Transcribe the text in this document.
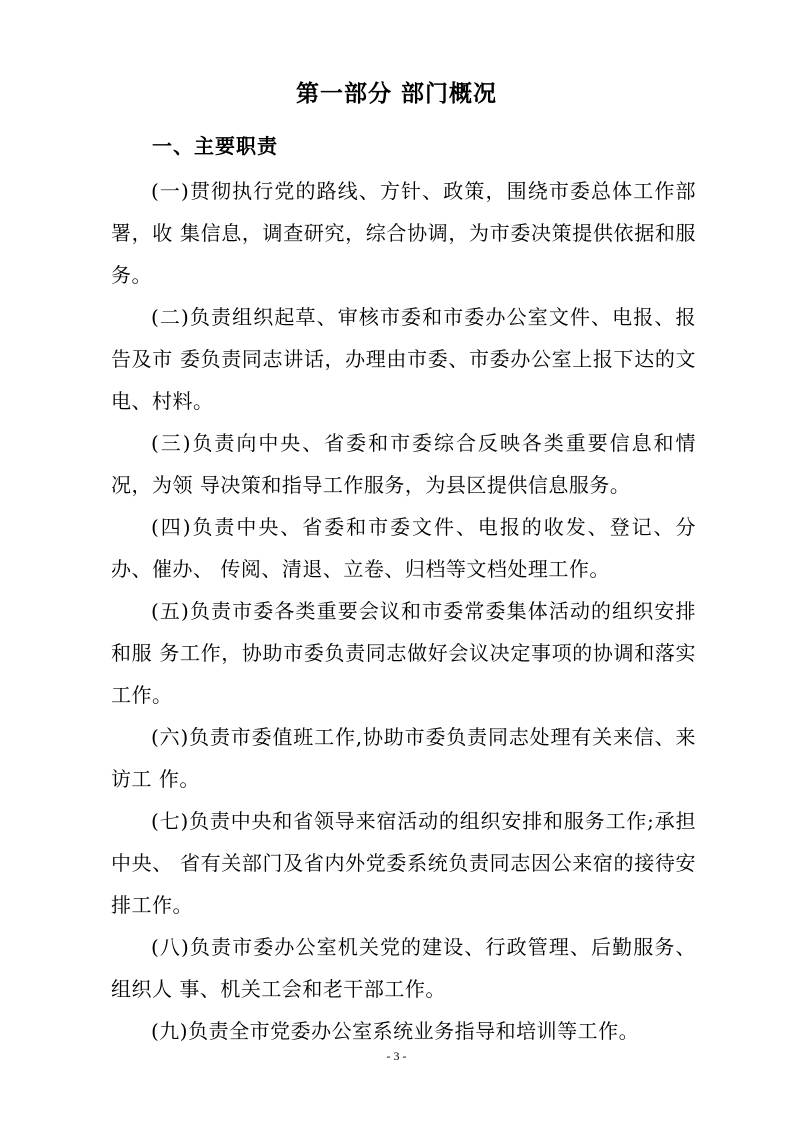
第一部分 部门概况
一、主要职责

(一)贯彻执行党的路线、方针、政策，围绕市委总体工作部署，收 集信息，调查研究，综合协调，为市委决策提供依据和服务。

(二)负责组织起草、审核市委和市委办公室文件、电报、报告及市 委负责同志讲话，办理由市委、市委办公室上报下达的文电、村料。

(三)负责向中央、省委和市委综合反映各类重要信息和情况，为领 导决策和指导工作服务，为县区提供信息服务。

(四)负责中央、省委和市委文件、电报的收发、登记、分办、催办、 传阅、清退、立卷、归档等文档处理工作。

(五)负责市委各类重要会议和市委常委集体活动的组织安排和服 务工作，协助市委负责同志做好会议决定事项的协调和落实工作。

(六)负责市委值班工作,协助市委负责同志处理有关来信、来访工 作。

(七)负责中央和省领导来宿活动的组织安排和服务工作;承担中央、 省有关部门及省内外党委系统负责同志因公来宿的接待安排工作。

(八)负责市委办公室机关党的建设、行政管理、后勤服务、组织人 事、机关工会和老干部工作。

(九)负责全市党委办公室系统业务指导和培训等工作。

- 3 -
